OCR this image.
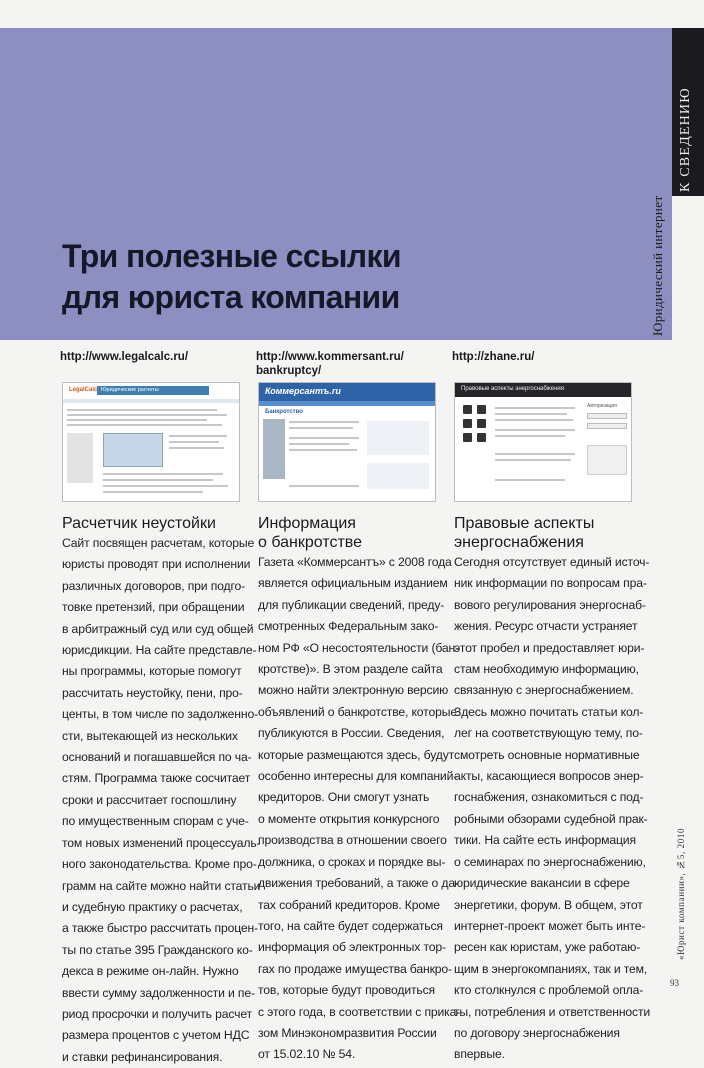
Три полезные ссылки
для юриста компании
К СВЕДЕНИЮ
Юридический интернет
http://www.legalcalc.ru/	http://www.kommersant.ru/
bankruptcy/
http://zhane.ru/
LegalCalc Юридические расчеты	Коммерсантъ.ru
Банкротство
Правовые аспекты энергоснабжения
Авторизация
Расчетчик неустойки	Информация
о банкротстве
Правовые аспекты
энергоснабжения
Сайт посвящен расчетам, которые
юристы проводят при исполнении
различных договоров, при подго-
товке претензий, при обращении
в арбитражный суд или суд общей
юрисдикции. На сайте представле-
ны программы, которые помогут
рассчитать неустойку, пени, про-
центы, в том числе по задолженно-
сти, вытекающей из нескольких
оснований и погашавшейся по ча-
стям. Программа также сосчитает
сроки и рассчитает госпошлину
по имущественным спорам с уче-
том новых изменений процессуаль-
ного законодательства. Кроме про-
грамм на сайте можно найти статьи
и судебную практику о расчетах,
а также быстро рассчитать процен-
ты по статье 395 Гражданского ко-
декса в режиме он-лайн. Нужно
ввести сумму задолженности и пе-
риод просрочки и получить расчет
размера процентов с учетом НДС
и ставки рефинансирования.
Газета «Коммерсантъ» с 2008 года
является официальным изданием
для публикации сведений, преду-
смотренных Федеральным зако-
ном РФ «О несостоятельности (бан-
кротстве)». В этом разделе сайта
можно найти электронную версию
объявлений о банкротстве, которые
публикуются в России. Сведения,
которые размещаются здесь, будут
особенно интересны для компаний-
кредиторов. Они смогут узнать
о моменте открытия конкурсного
производства в отношении своего
должника, о сроках и порядке вы-
движения требований, а также о да-
тах собраний кредиторов. Кроме
того, на сайте будет содержаться
информация об электронных тор-
гах по продаже имущества банкро-
тов, которые будут проводиться
с этого года, в соответствии с прика-
зом Минэкономразвития России
от 15.02.10 № 54.
Сегодня отсутствует единый источ-
ник информации по вопросам пра-
вового регулирования энергоснаб-
жения. Ресурс отчасти устраняет
этот пробел и предоставляет юри-
стам необходимую информацию,
связанную с энергоснабжением.
Здесь можно почитать статьи кол-
лег на соответствующую тему, по-
смотреть основные нормативные
акты, касающиеся вопросов энер-
госнабжения, ознакомиться с под-
робными обзорами судебной прак-
тики. На сайте есть информация
о семинарах по энергоснабжению,
юридические вакансии в сфере
энергетики, форум. В общем, этот
интернет-проект может быть инте-
ресен как юристам, уже работаю-
щим в энергокомпаниях, так и тем,
кто столкнулся с проблемой опла-
ты, потребления и ответственности
по договору энергоснабжения
впервые.
«Юрист компании», №5, 2010
93
